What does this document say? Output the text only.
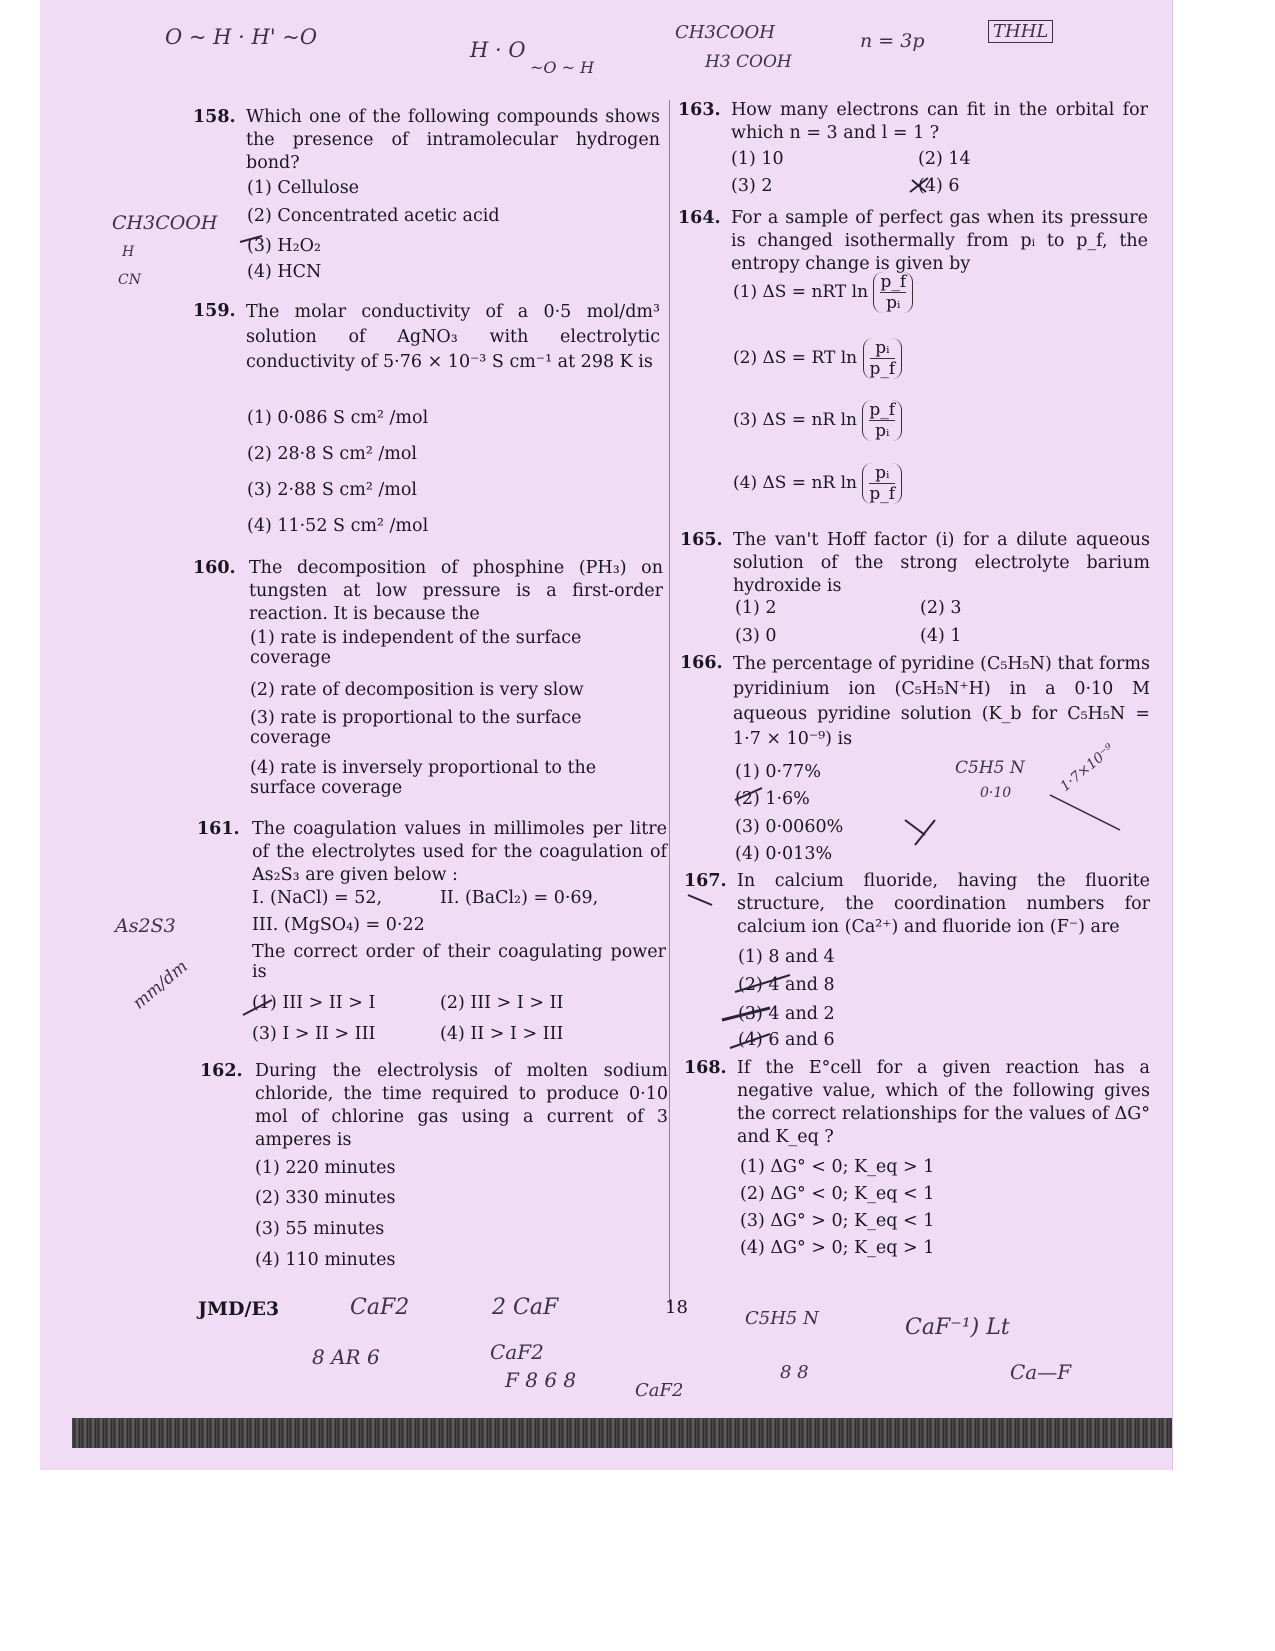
O ~ H · H' ~O
H · O
~O ~ H
CH3COOH
H3 COOH
n = 3p	THHL
CH3COOH
H
CN
As2S3
mm/dm
C5H5 N
0·10	1·7×10⁻⁹
CaF2
8 AR 6
2 CaF
CaF2
F 8 6 8	CaF2
C5H5 N
8 8
CaF⁻¹) Lt
Ca—F
158. Which one of the following compounds shows the presence of intramolecular hydrogen bond?
(1) Cellulose
(2) Concentrated acetic acid
(3) H₂O₂
(4) HCN
159. The molar conductivity of a 0·5 mol/dm³ solution of AgNO₃ with electrolytic conductivity of 5·76 × 10⁻³ S cm⁻¹ at 298 K is
(1) 0·086 S cm² /mol
(2) 28·8 S cm² /mol
(3) 2·88 S cm² /mol
(4) 11·52 S cm² /mol
160. The decomposition of phosphine (PH₃) on tungsten at low pressure is a first-order reaction. It is because the
(1) rate is independent of the surface coverage
(2) rate of decomposition is very slow
(3) rate is proportional to the surface coverage
(4) rate is inversely proportional to the surface coverage
161. The coagulation values in millimoles per litre of the electrolytes used for the coagulation of As₂S₃ are given below :
I. (NaCl) = 52,	II. (BaCl₂) = 0·69,
III. (MgSO₄) = 0·22
The correct order of their coagulating power is
(1) III > II > I	(2) III > I > II
(3) I > II > III	(4) II > I > III
162. During the electrolysis of molten sodium chloride, the time required to produce 0·10 mol of chlorine gas using a current of 3 amperes is
(1) 220 minutes
(2) 330 minutes
(3) 55 minutes
(4) 110 minutes
163. How many electrons can fit in the orbital for which n = 3 and l = 1 ?
(1) 10	(2) 14
(3) 2	(4) 6
164. For a sample of perfect gas when its pressure is changed isothermally from pᵢ to p_f, the entropy change is given by
(1) ΔS = nRT $\ln \frac{p\_f}{\text{pᵢ}}$
(2) ΔS = RT $\ln \frac{\text{pᵢ}}{p\_f}$
(3) ΔS = nR $\ln \frac{p\_f}{\text{pᵢ}}$
(4) ΔS = nR $\ln \frac{\text{pᵢ}}{p\_f}$
165. The van't Hoff factor (i) for a dilute aqueous solution of the strong electrolyte barium hydroxide is
(1) 2	(2) 3
(3) 0	(4) 1
166. The percentage of pyridine (C₅H₅N) that forms pyridinium ion (C₅H₅N⁺H) in a 0·10 M aqueous pyridine solution (K_b for C₅H₅N = 1·7 × 10⁻⁹) is
(1) 0·77%
(2) 1·6%
(3) 0·0060%
(4) 0·013%
167. In calcium fluoride, having the fluorite structure, the coordination numbers for calcium ion (Ca²⁺) and fluoride ion (F⁻) are
(1) 8 and 4
(2) 4 and 8
(3) 4 and 2
(4) 6 and 6
168. If the E°cell for a given reaction has a negative value, which of the following gives the correct relationships for the values of ΔG° and K_eq ?
(1) ΔG° < 0; K_eq > 1
(2) ΔG° < 0; K_eq < 1
(3) ΔG° > 0; K_eq < 1
(4) ΔG° > 0; K_eq > 1
JMD/E3	18
